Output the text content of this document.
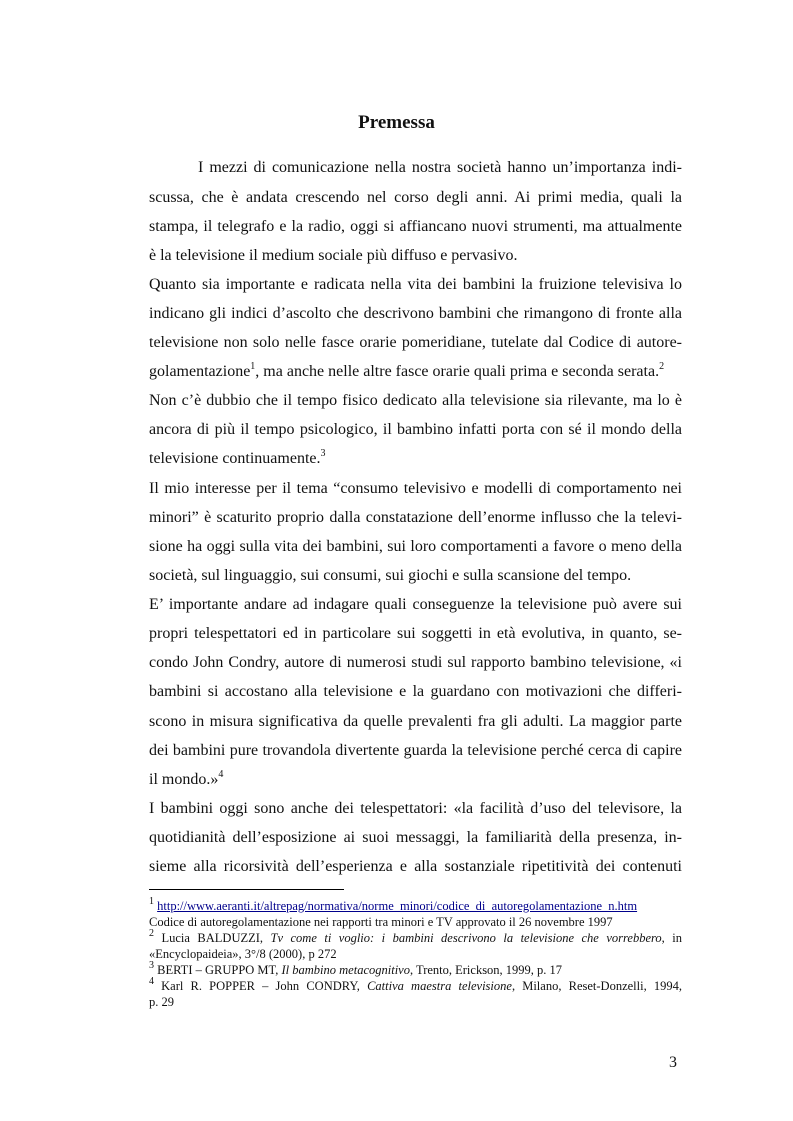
Premessa
I mezzi di comunicazione nella nostra società hanno un’importanza indi-
scussa, che è andata crescendo nel corso degli anni. Ai primi media, quali la
stampa, il telegrafo e la radio, oggi si affiancano nuovi strumenti, ma attualmente
è la televisione il medium sociale più diffuso e pervasivo.
Quanto sia importante e radicata nella vita dei bambini la fruizione televisiva lo
indicano gli indici d’ascolto che descrivono bambini che rimangono di fronte alla
televisione non solo nelle fasce orarie pomeridiane, tutelate dal Codice di autore-
golamentazione$^1$, ma anche nelle altre fasce orarie quali prima e seconda serata.$^2$
Non c’è dubbio che il tempo fisico dedicato alla televisione sia rilevante, ma lo è
ancora di più il tempo psicologico, il bambino infatti porta con sé il mondo della
televisione continuamente.$^3$
Il mio interesse per il tema “consumo televisivo e modelli di comportamento nei
minori” è scaturito proprio dalla constatazione dell’enorme influsso che la televi-
sione ha oggi sulla vita dei bambini, sui loro comportamenti a favore o meno della
società, sul linguaggio, sui consumi, sui giochi e sulla scansione del tempo.
E’ importante andare ad indagare quali conseguenze la televisione può avere sui
propri telespettatori ed in particolare sui soggetti in età evolutiva, in quanto, se-
condo John Condry, autore di numerosi studi sul rapporto bambino televisione, «i
bambini si accostano alla televisione e la guardano con motivazioni che differi-
scono in misura significativa da quelle prevalenti fra gli adulti. La maggior parte
dei bambini pure trovandola divertente guarda la televisione perché cerca di capire
il mondo.»$^4$
I bambini oggi sono anche dei telespettatori: «la facilità d’uso del televisore, la
quotidianità dell’esposizione ai suoi messaggi, la familiarità della presenza, in-
sieme alla ricorsività dell’esperienza e alla sostanziale ripetitività dei contenuti
$^1$ http://www.aeranti.it/altrepag/normativa/norme_minori/codice_di_autoregolamentazione_n.htm
Codice di autoregolamentazione nei rapporti tra minori e TV approvato il 26 novembre 1997
$^2$ Lucia BALDUZZI, Tv come ti voglio: i bambini descrivono la televisione che vorrebbero, in
«Encyclopaideia», 3°/8 (2000), p 272
$^3$ BERTI – GRUPPO MT, Il bambino metacognitivo, Trento, Erickson, 1999, p. 17
$^4$ Karl R. POPPER – John CONDRY, Cattiva maestra televisione, Milano, Reset-Donzelli, 1994,
p. 29
3
